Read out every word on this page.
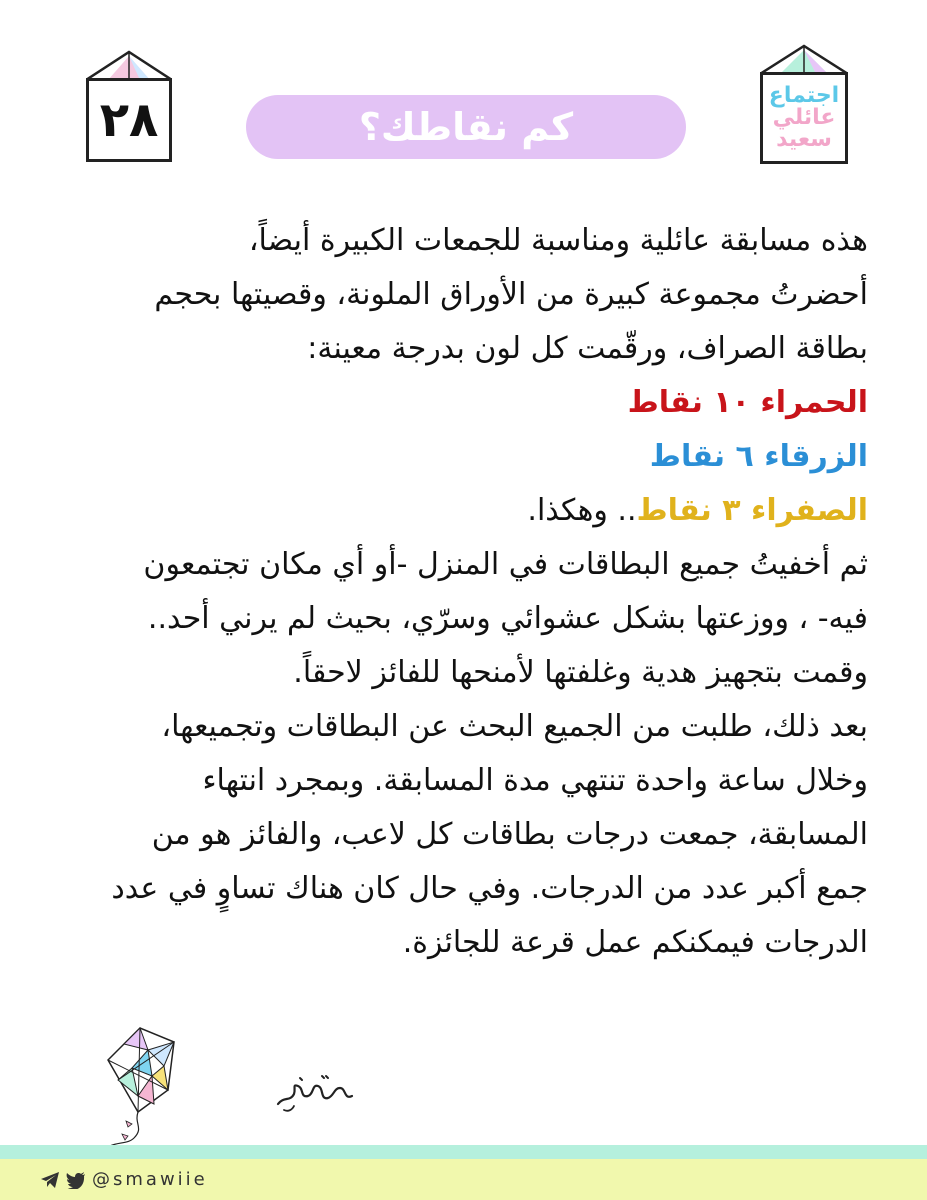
٢٨	كم نقاطك؟
اجتماع
عائلي
سعيد

هذه مسابقة عائلية ومناسبة للجمعات الكبيرة أيضاً،

أحضرتُ مجموعة كبيرة من الأوراق الملونة، وقصيتها بحجم بطاقة الصراف، ورقّمت كل لون بدرجة معينة:

الحمراء ١٠ نقاط

الزرقاء ٦ نقاط

الصفراء ٣ نقاط.. وهكذا.

ثم أخفيتُ جميع البطاقات في المنزل -أو أي مكان تجتمعون فيه- ، ووزعتها بشكل عشوائي وسرّي، بحيث لم يرني أحد..

وقمت بتجهيز هدية وغلفتها لأمنحها للفائز لاحقاً.

بعد ذلك، طلبت من الجميع البحث عن البطاقات وتجميعها، وخلال ساعة واحدة تنتهي مدة المسابقة. وبمجرد انتهاء المسابقة، جمعت درجات بطاقات كل لاعب، والفائز هو من جمع أكبر عدد من الدرجات. وفي حال كان هناك تساوٍ في عدد الدرجات فيمكنكم عمل قرعة للجائزة.

@smawiie
